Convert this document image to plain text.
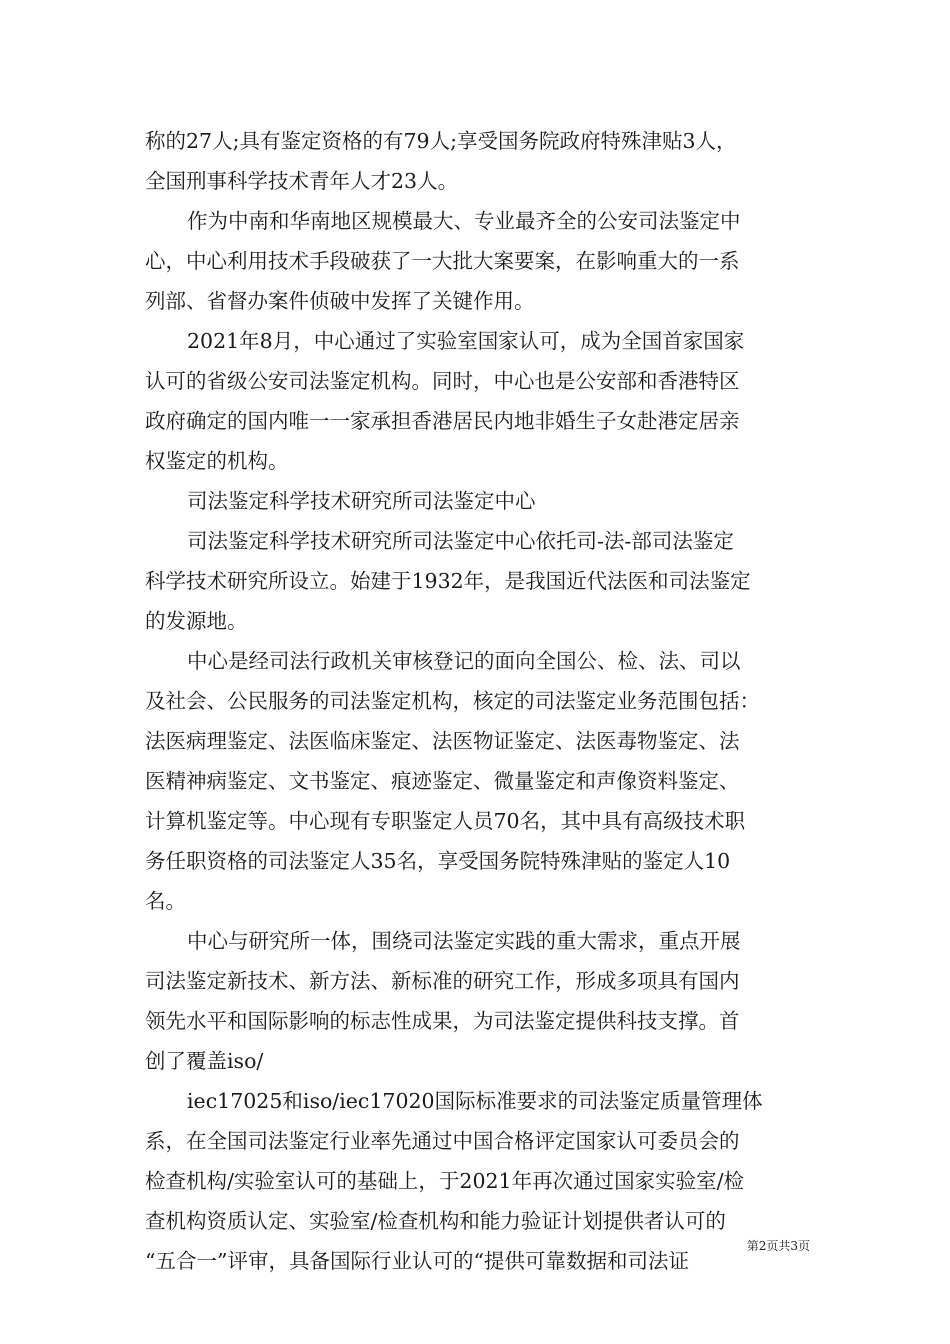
称的27人;具有鉴定资格的有79人;享受国务院政府特殊津贴3人，
全国刑事科学技术青年人才23人。
作为中南和华南地区规模最大、专业最齐全的公安司法鉴定中
心，中心利用技术手段破获了一大批大案要案，在影响重大的一系
列部、省督办案件侦破中发挥了关键作用。
2021年8月，中心通过了实验室国家认可，成为全国首家国家
认可的省级公安司法鉴定机构。同时，中心也是公安部和香港特区
政府确定的国内唯一一家承担香港居民内地非婚生子女赴港定居亲
权鉴定的机构。
司法鉴定科学技术研究所司法鉴定中心
司法鉴定科学技术研究所司法鉴定中心依托司-法-部司法鉴定
科学技术研究所设立。始建于1932年，是我国近代法医和司法鉴定
的发源地。
中心是经司法行政机关审核登记的面向全国公、检、法、司以
及社会、公民服务的司法鉴定机构，核定的司法鉴定业务范围包括：
法医病理鉴定、法医临床鉴定、法医物证鉴定、法医毒物鉴定、法
医精神病鉴定、文书鉴定、痕迹鉴定、微量鉴定和声像资料鉴定、
计算机鉴定等。中心现有专职鉴定人员70名，其中具有高级技术职
务任职资格的司法鉴定人35名，享受国务院特殊津贴的鉴定人10
名。
中心与研究所一体，围绕司法鉴定实践的重大需求，重点开展
司法鉴定新技术、新方法、新标准的研究工作，形成多项具有国内
领先水平和国际影响的标志性成果，为司法鉴定提供科技支撑。首
创了覆盖iso/
iec17025和iso/iec17020国际标准要求的司法鉴定质量管理体
系，在全国司法鉴定行业率先通过中国合格评定国家认可委员会的
检查机构/实验室认可的基础上，于2021年再次通过国家实验室/检
查机构资质认定、实验室/检查机构和能力验证计划提供者认可的
“五合一”评审，具备国际行业认可的“提供可靠数据和司法证
第2页共3页
